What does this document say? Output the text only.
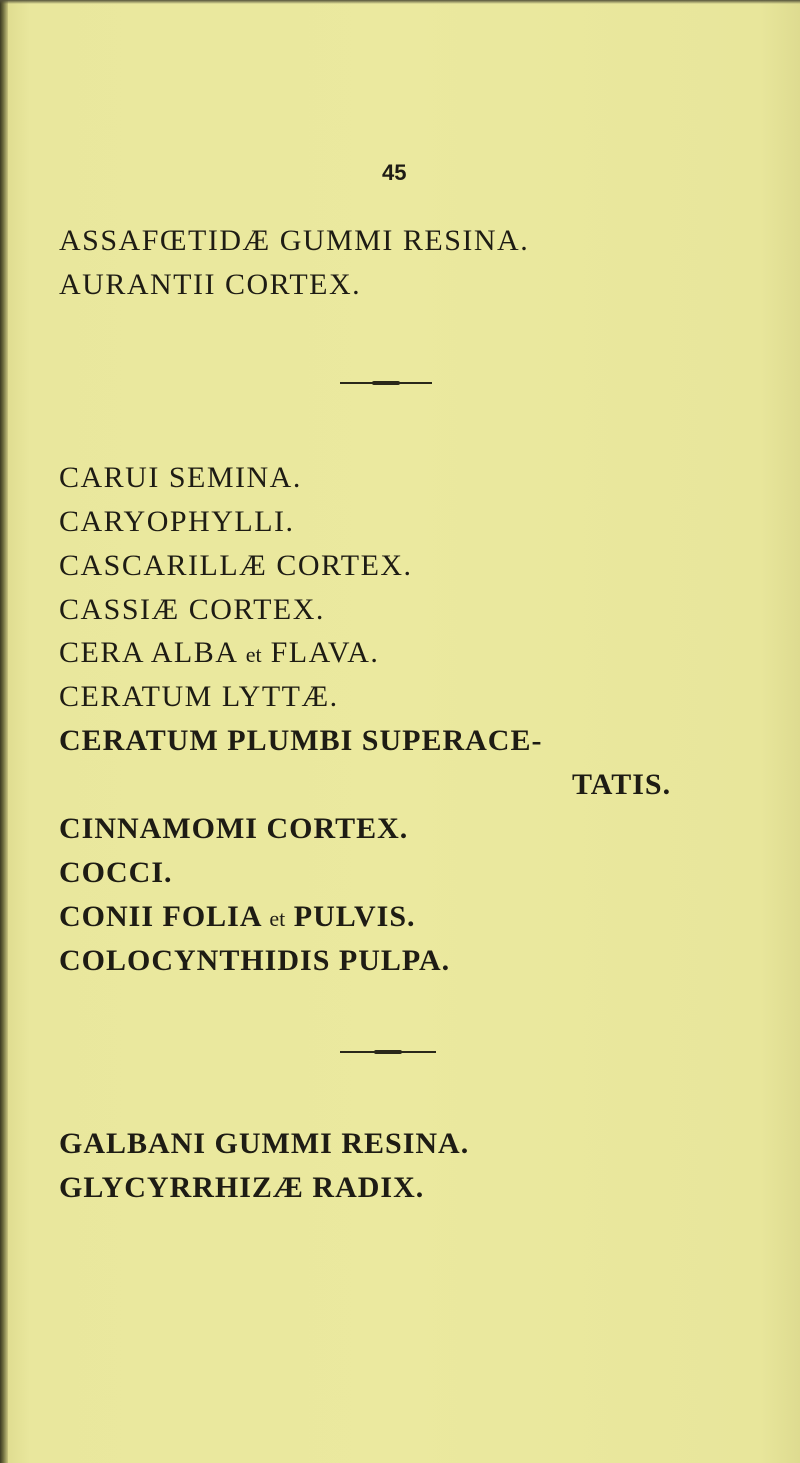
45
ASSAFŒTIDÆ GUMMI RESINA.
AURANTII CORTEX.
CARUI SEMINA.
CARYOPHYLLI.
CASCARILLÆ CORTEX.
CASSIÆ CORTEX.
CERA ALBA et FLAVA.
CERATUM LYTTÆ.
CERATUM PLUMBI SUPERACE-
TATIS.
CINNAMOMI CORTEX.
COCCI.
CONII FOLIA et PULVIS.
COLOCYNTHIDIS PULPA.
GALBANI GUMMI RESINA.
GLYCYRRHIZÆ RADIX.
